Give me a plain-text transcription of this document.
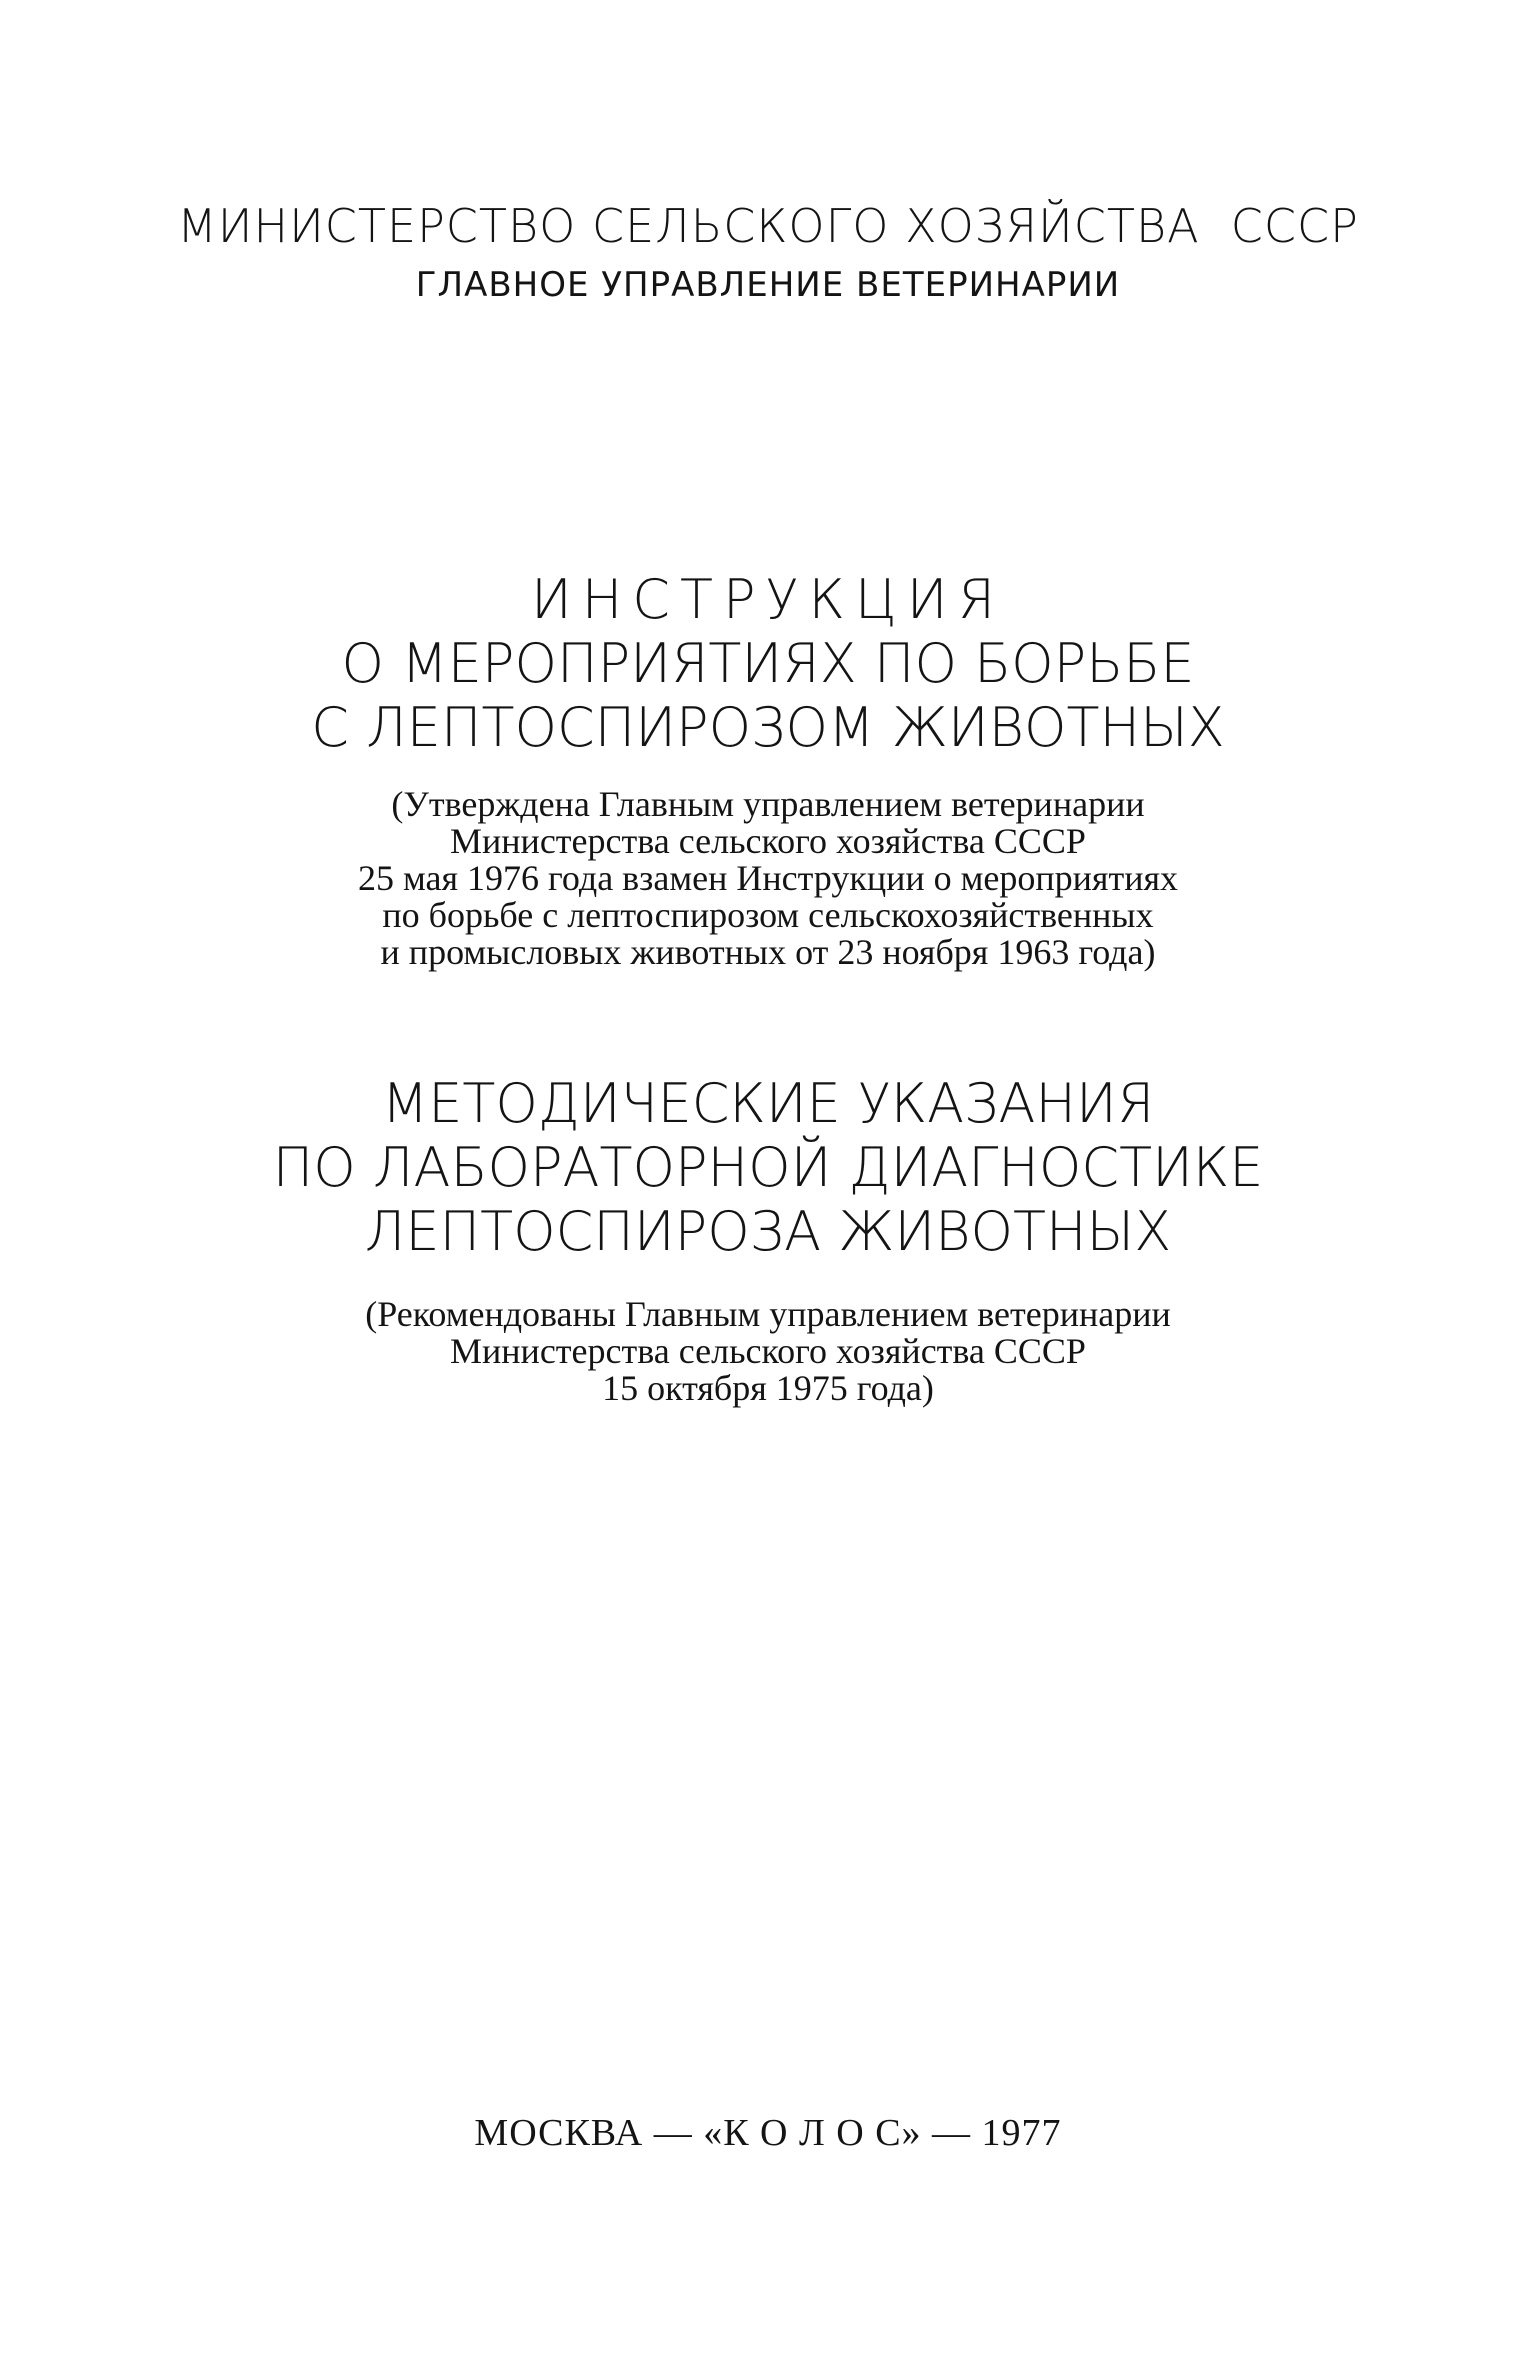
МИНИСТЕРСТВО СЕЛЬСКОГО ХОЗЯЙСТВА  СССР
ГЛАВНОЕ УПРАВЛЕНИЕ ВЕТЕРИНАРИИ
ИНСТРУКЦИЯ
О МЕРОПРИЯТИЯХ ПО БОРЬБЕ
С ЛЕПТОСПИРОЗОМ ЖИВОТНЫХ
(Утверждена Главным управлением ветеринарии
Министерства сельского хозяйства СССР
25 мая 1976 года взамен Инструкции о мероприятиях
по борьбе с лептоспирозом сельскохозяйственных
и промысловых животных от 23 ноября 1963 года)
МЕТОДИЧЕСКИЕ УКАЗАНИЯ
ПО ЛАБОРАТОРНОЙ ДИАГНОСТИКЕ
ЛЕПТОСПИРОЗА ЖИВОТНЫХ
(Рекомендованы Главным управлением ветеринарии
Министерства сельского хозяйства СССР
15 октября 1975 года)
МОСКВА — «К О Л О С» — 1977
